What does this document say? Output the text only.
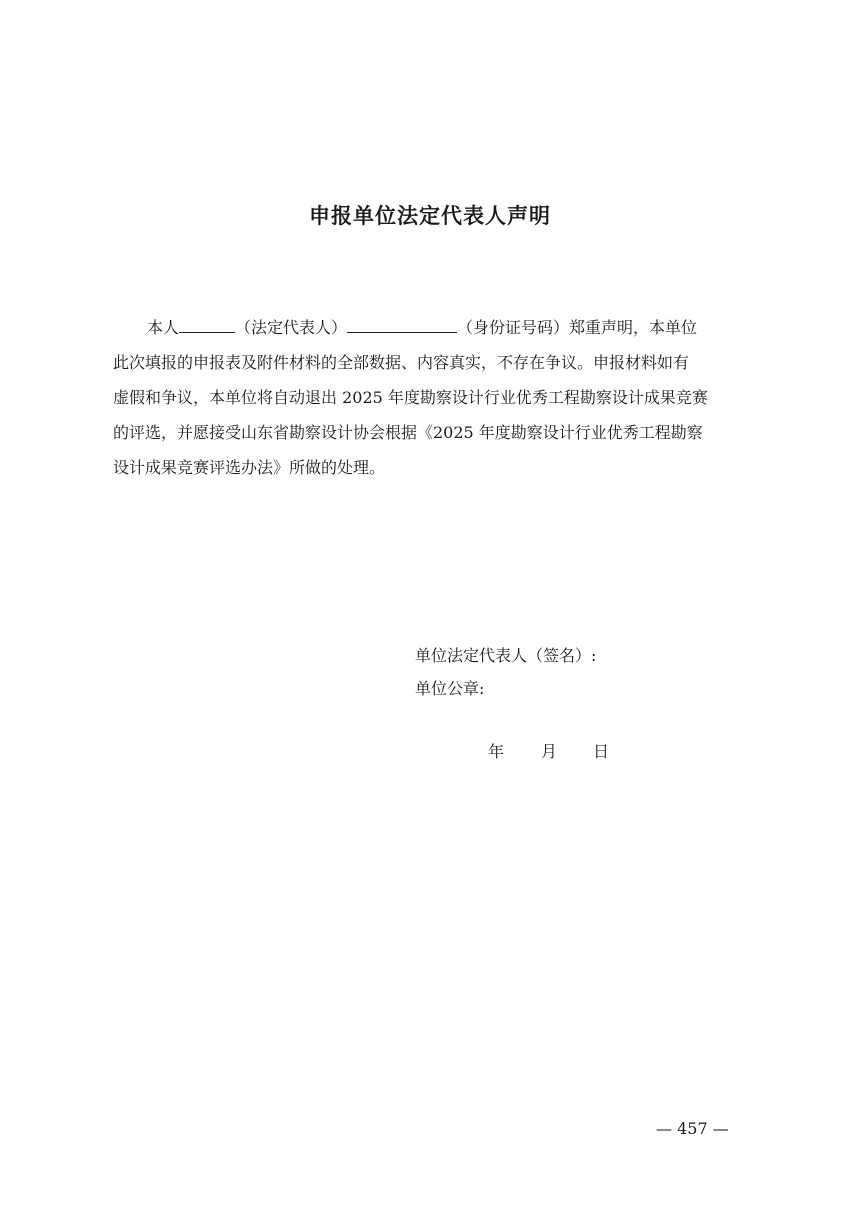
申报单位法定代表人声明
本人	（法定代表人）	（身份证号码）郑重声明，本单位
此次填报的申报表及附件材料的全部数据、内容真实，不存在争议。申报材料如有
虚假和争议，本单位将自动退出 2025 年度勘察设计行业优秀工程勘察设计成果竞赛
的评选，并愿接受山东省勘察设计协会根据《2025 年度勘察设计行业优秀工程勘察
设计成果竞赛评选办法》所做的处理。
单位法定代表人（签名）:
单位公章:
年 月 日
— 457 —
